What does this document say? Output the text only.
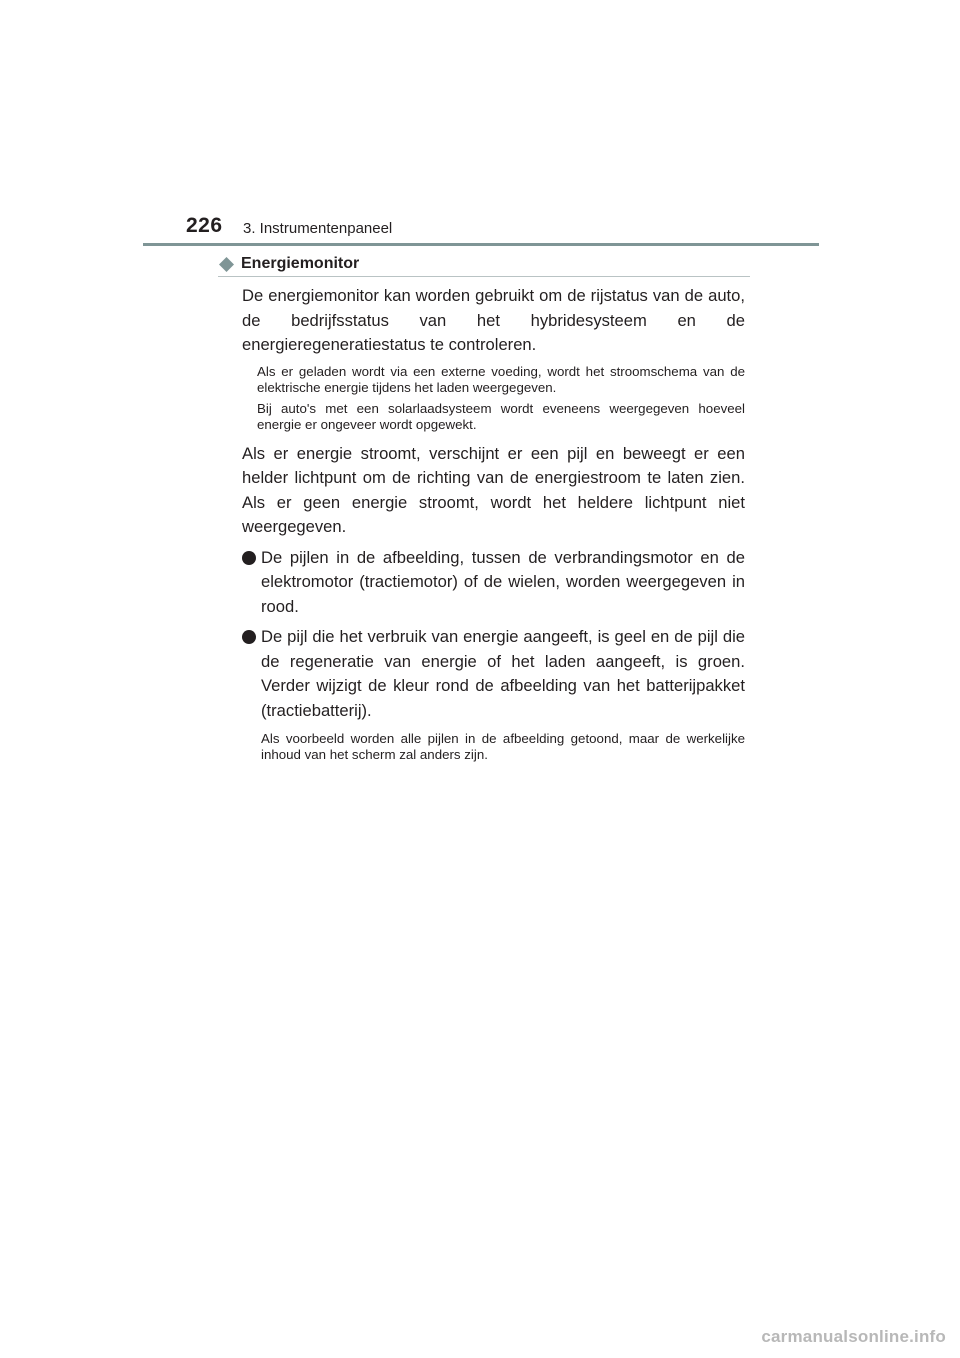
226 3. Instrumentenpaneel
Energiemonitor

De energiemonitor kan worden gebruikt om de rijstatus van de auto, de bedrijfsstatus van het hybridesysteem en de energieregeneratiestatus te controleren.

Als er geladen wordt via een externe voeding, wordt het stroomschema van de elektrische energie tijdens het laden weergegeven.

Bij auto's met een solarlaadsysteem wordt eveneens weergegeven hoeveel energie er ongeveer wordt opgewekt.

Als er energie stroomt, verschijnt er een pijl en beweegt er een helder lichtpunt om de richting van de energiestroom te laten zien. Als er geen energie stroomt, wordt het heldere lichtpunt niet weergegeven.

De pijlen in de afbeelding, tussen de verbrandingsmotor en de elektromotor (tractiemotor) of de wielen, worden weergegeven in rood.
De pijl die het verbruik van energie aangeeft, is geel en de pijl die de regeneratie van energie of het laden aangeeft, is groen. Verder wijzigt de kleur rond de afbeelding van het batterijpakket (tractiebatterij).

Als voorbeeld worden alle pijlen in de afbeelding getoond, maar de werkelijke inhoud van het scherm zal anders zijn.

carmanualsonline.info
